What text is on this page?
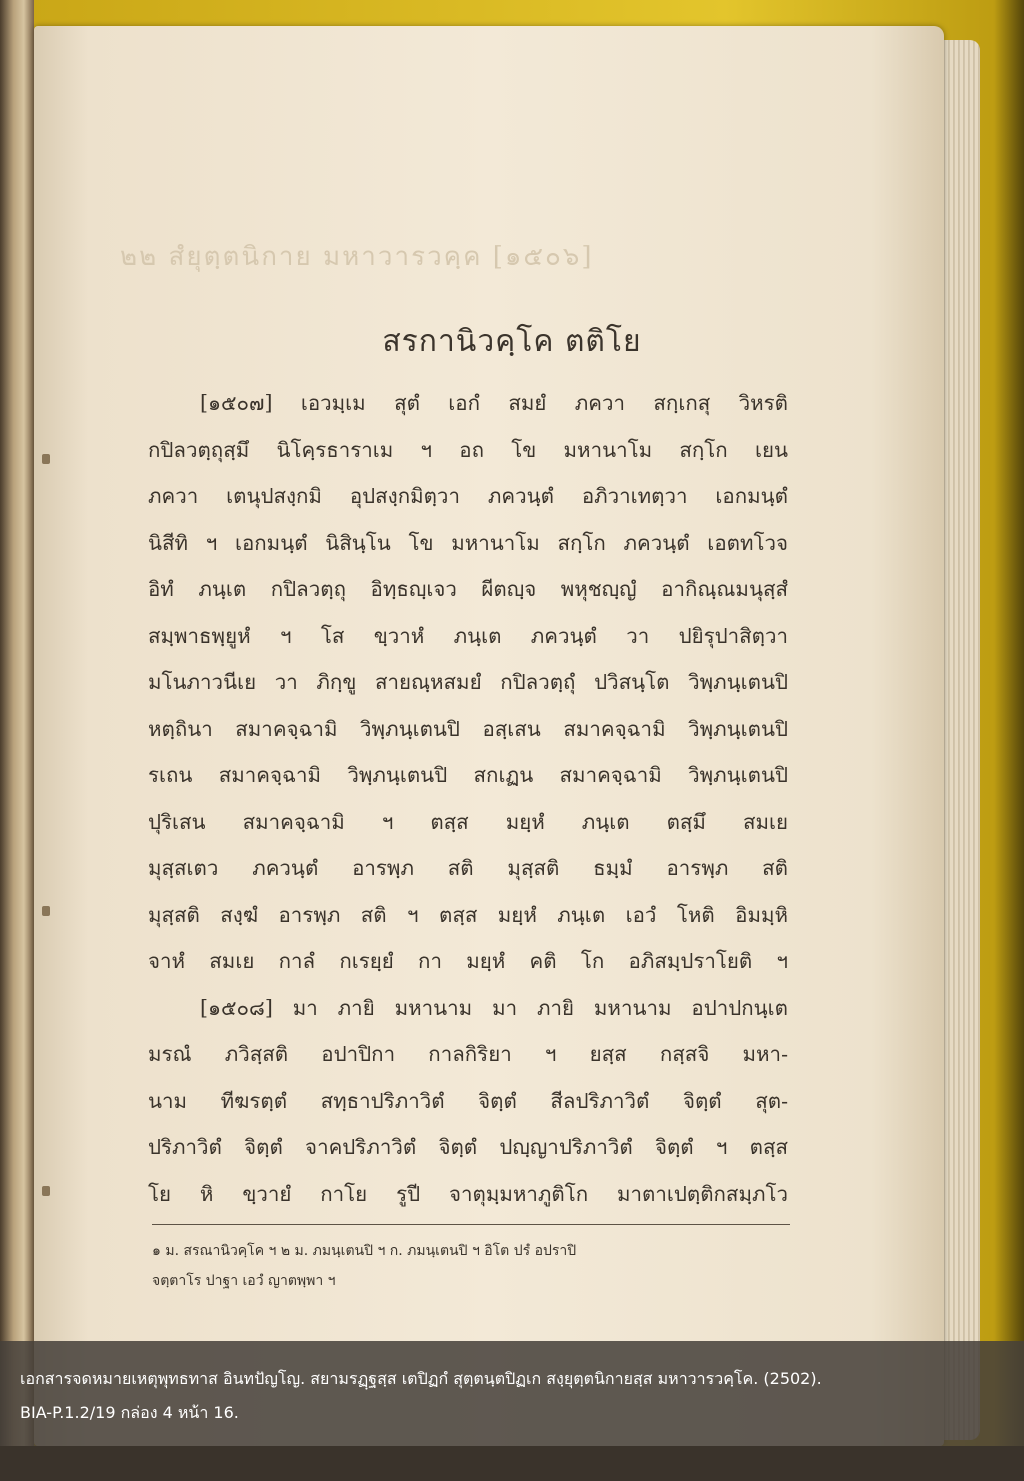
๒๒ สํยุตฺตนิกาย มหาวารวคฺค [๑๕๐๖]
สรกานิวคฺโค ตติโย
[๑๕๐๗] เอวมฺเม สุตํ เอกํ สมยํ ภควา สกฺเกสุ วิหรติ
กปิลวตฺถุสฺมึ นิโคฺรธาราเม ฯ อถ โข มหานาโม สกฺโก เยน
ภควา เตนุปสงฺกมิ อุปสงฺกมิตฺวา ภควนฺตํ อภิวาเทตฺวา เอกมนฺตํ
นิสีทิ ฯ เอกมนฺตํ นิสินฺโน โข มหานาโม สกฺโก ภควนฺตํ เอตทโวจ
อิทํ ภนฺเต กปิลวตฺถุ อิทฺธญฺเจว ผีตญฺจ พหุชญฺญํ อากิณฺณมนุสฺสํ
สมฺพาธพฺยูหํ ฯ โส ขฺวาหํ ภนฺเต ภควนฺตํ วา ปยิรุปาสิตฺวา
มโนภาวนีเย วา ภิกฺขู สายณฺหสมยํ กปิลวตฺถุํ ปวิสนฺโต วิพฺภนฺเตนปิ
หตฺถินา สมาคจฺฉามิ วิพฺภนฺเตนปิ อสฺเสน สมาคจฺฉามิ วิพฺภนฺเตนปิ
รเถน สมาคจฺฉามิ วิพฺภนฺเตนปิ สกเฏน สมาคจฺฉามิ วิพฺภนฺเตนปิ
ปุริเสน สมาคจฺฉามิ ฯ ตสฺส มยฺหํ ภนฺเต ตสฺมึ สมเย
มุสฺสเตว ภควนฺตํ อารพฺภ สติ มุสฺสติ ธมฺมํ อารพฺภ สติ
มุสฺสติ สงฺฆํ อารพฺภ สติ ฯ ตสฺส มยฺหํ ภนฺเต เอวํ โหติ อิมมฺหิ
จาหํ สมเย กาลํ กเรยฺยํ กา มยฺหํ คติ โก อภิสมฺปราโยติ ฯ
[๑๕๐๘] มา ภายิ มหานาม มา ภายิ มหานาม อปาปกนฺเต
มรณํ ภวิสฺสติ อปาปิกา กาลกิริยา ฯ ยสฺส กสฺสจิ มหา-
นาม ทีฆรตฺตํ สทฺธาปริภาวิตํ จิตฺตํ สีลปริภาวิตํ จิตฺตํ สุต-
ปริภาวิตํ จิตฺตํ จาคปริภาวิตํ จิตฺตํ ปญฺญาปริภาวิตํ จิตฺตํ ฯ ตสฺส
โย หิ ขฺวายํ กาโย รูปี จาตุมฺมหาภูติโก มาตาเปตฺติกสมฺภโว
๑ ม. สรณานิวคฺโค ฯ ๒ ม. ภมนฺเตนปิ ฯ ก. ภมนฺเตนปิ ฯ อิโต ปรํ อปราปิ
จตฺตาโร ปาฐา เอวํ ญาตพฺพา ฯ
เอกสารจดหมายเหตุพุทธทาส อินทปัญโญ. สยามรฏฺฐสฺส เตปิฏกํ สุตฺตนฺตปิฏเก สงฺยุตฺตนิกายสฺส มหาวารวคฺโค. (2502).
BIA-P.1.2/19 กล่อง 4 หน้า 16.
